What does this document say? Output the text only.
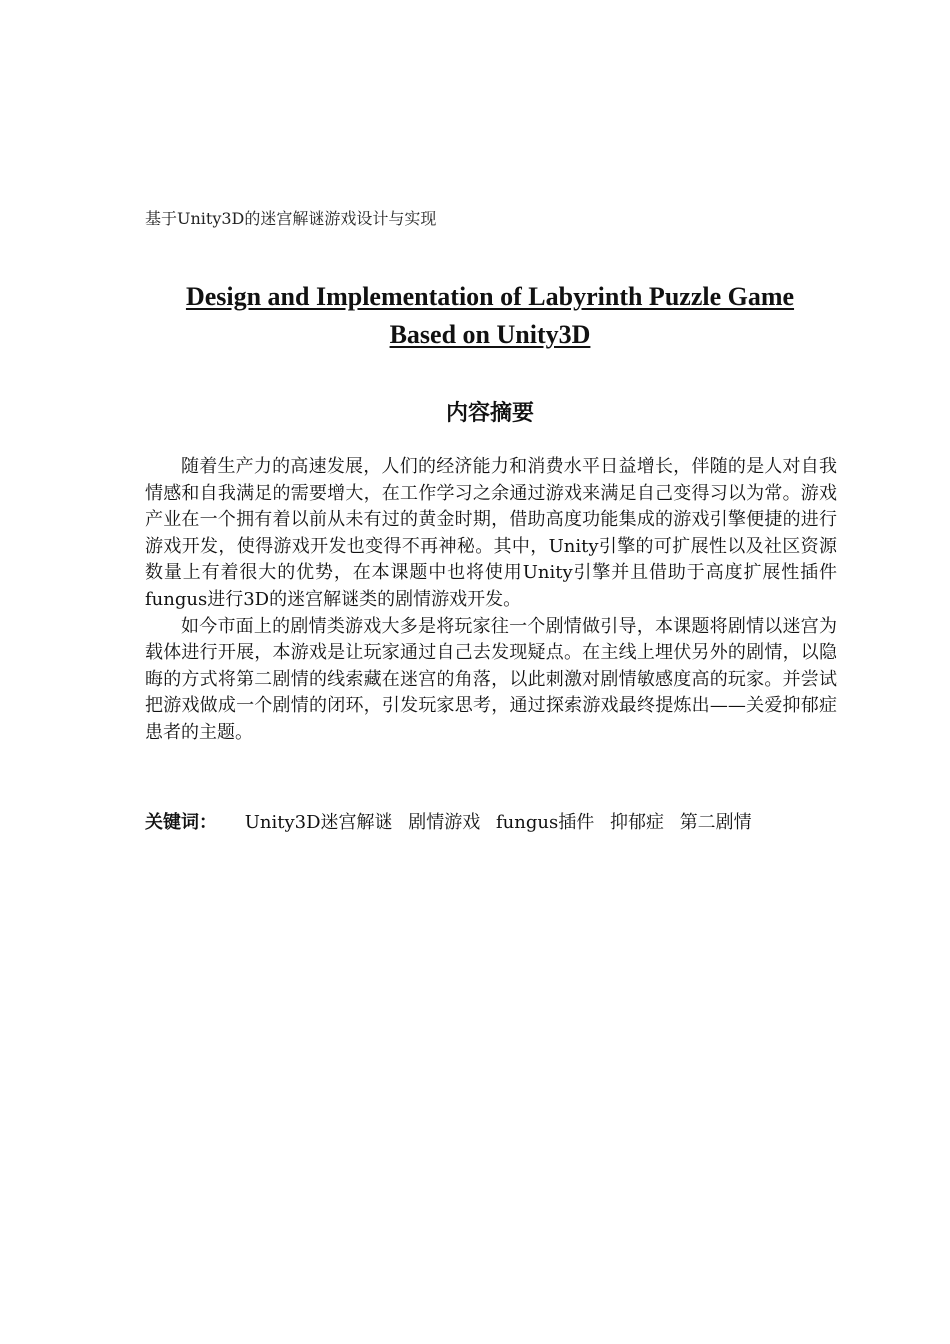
基于Unity3D的迷宫解谜游戏设计与实现
Design and Implementation of Labyrinth Puzzle Game
Based on Unity3D
内容摘要

随着生产力的高速发展，人们的经济能力和消费水平日益增长，伴随的是人对自我情感和自我满足的需要增大，在工作学习之余通过游戏来满足自己变得习以为常。游戏产业在一个拥有着以前从未有过的黄金时期，借助高度功能集成的游戏引擎便捷的进行游戏开发，使得游戏开发也变得不再神秘。其中，Unity引擎的可扩展性以及社区资源数量上有着很大的优势，在本课题中也将使用Unity引擎并且借助于高度扩展性插件fungus进行3D的迷宫解谜类的剧情游戏开发。

如今市面上的剧情类游戏大多是将玩家往一个剧情做引导，本课题将剧情以迷宫为载体进行开展，本游戏是让玩家通过自己去发现疑点。在主线上埋伏另外的剧情，以隐晦的方式将第二剧情的线索藏在迷宫的角落，以此刺激对剧情敏感度高的玩家。并尝试把游戏做成一个剧情的闭环，引发玩家思考，通过探索游戏最终提炼出——关爱抑郁症患者的主题。

关键词： Unity3D迷宫解谜 剧情游戏 fungus插件 抑郁症 第二剧情
